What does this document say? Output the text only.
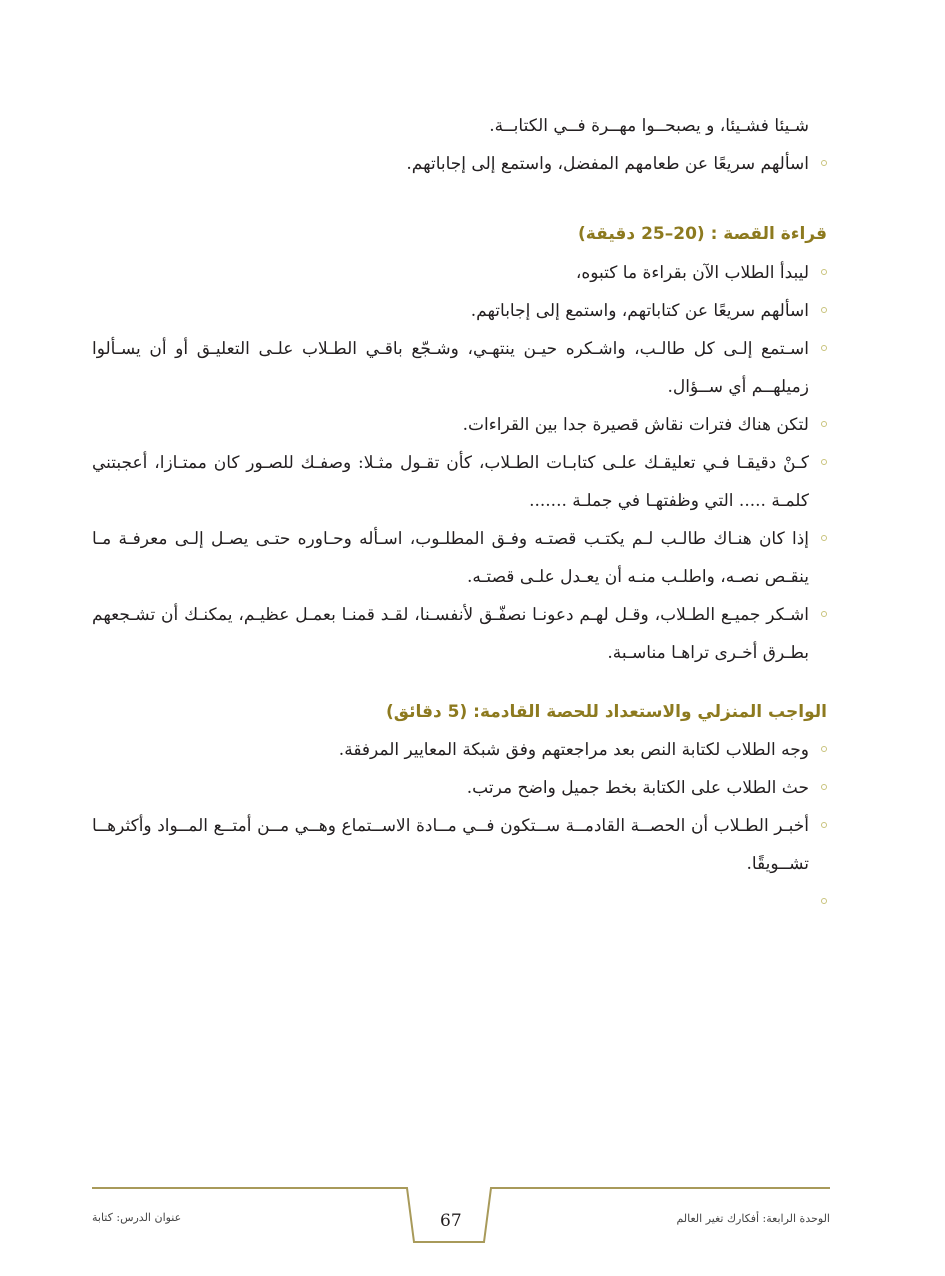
شـيئا فشـيئا، و يصبحــوا مهــرة فــي الكتابــة.

اسألهم سريعًا عن طعامهم المفضل، واستمع إلى إجاباتهم.

قراءة القصة : (20–25 دقيقة)

ليبدأ الطلاب الآن بقراءة ما كتبوه،

اسألهم سريعًا عن كتاباتهم، واستمع إلى إجاباتهم.

اسـتمع إلـى كل طالـب، واشـكره حيـن ينتهـي، وشـجّع باقـي الطـلاب علـى التعليـق أو أن يسـألوا زميلهــم أي ســؤال.

لتكن هناك فترات نقاش قصيرة جدا بين القراءات.

كـنْ دقيقـا فـي تعليقـك علـى كتابـات الطـلاب، كأن تقـول مثـلا: وصفـك للصـور كان ممتـازا، أعجبتني كلمـة ..... التي وظفتهـا في جملـة .......

إذا كان هنـاك طالـب لـم يكتـب قصتـه وفـق المطلـوب، اسـأله وحـاوره حتـى يصـل إلـى معرفـة مـا ينقـص نصـه، واطلـب منـه أن يعـدل علـى قصتـه.

اشـكر جميـع الطـلاب، وقـل لهـم دعونـا نصفّـق لأنفسـنا، لقـد قمنـا بعمـل عظيـم، يمكنـك أن تشـجعهم بطـرق أخـرى تراهـا مناسـبة.

الواجب المنزلي والاستعداد للحصة القادمة: (5 دقائق)

وجه الطلاب لكتابة النص بعد مراجعتهم وفق شبكة المعايير المرفقة.

حث الطلاب على الكتابة بخط جميل واضح مرتب.

أخبـر الطـلاب أن الحصــة القادمــة ســتكون فــي مــادة الاســتماع وهــي مــن أمتــع المــواد وأكثرهــا تشــويقًا.

الوحدة الرابعة: أفكارك تغير العالم
67
عنوان الدرس: كتابة
